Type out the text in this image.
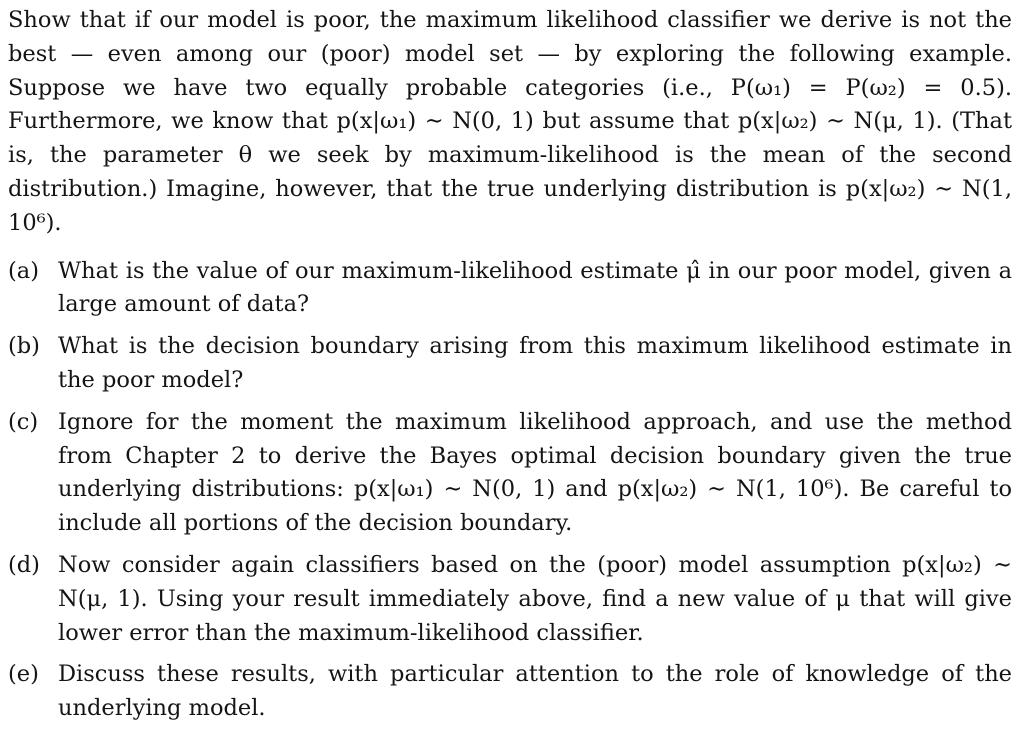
Show that if our model is poor, the maximum likelihood classifier we derive is not the best — even among our (poor) model set — by exploring the following example. Suppose we have two equally probable categories (i.e., P(ω₁) = P(ω₂) = 0.5). Furthermore, we know that p(x|ω₁) ∼ N(0, 1) but assume that p(x|ω₂) ∼ N(μ, 1). (That is, the parameter θ we seek by maximum-likelihood is the mean of the second distribution.) Imagine, however, that the true underlying distribution is p(x|ω₂) ∼ N(1, 10⁶).

(a) What is the value of our maximum-likelihood estimate μ̂ in our poor model, given a large amount of data?
(b) What is the decision boundary arising from this maximum likelihood estimate in the poor model?
(c) Ignore for the moment the maximum likelihood approach, and use the method from Chapter 2 to derive the Bayes optimal decision boundary given the true underlying distributions: p(x|ω₁) ∼ N(0, 1) and p(x|ω₂) ∼ N(1, 10⁶). Be careful to include all portions of the decision boundary.
(d) Now consider again classifiers based on the (poor) model assumption p(x|ω₂) ∼ N(μ, 1). Using your result immediately above, find a new value of μ that will give lower error than the maximum-likelihood classifier.
(e) Discuss these results, with particular attention to the role of knowledge of the underlying model.
